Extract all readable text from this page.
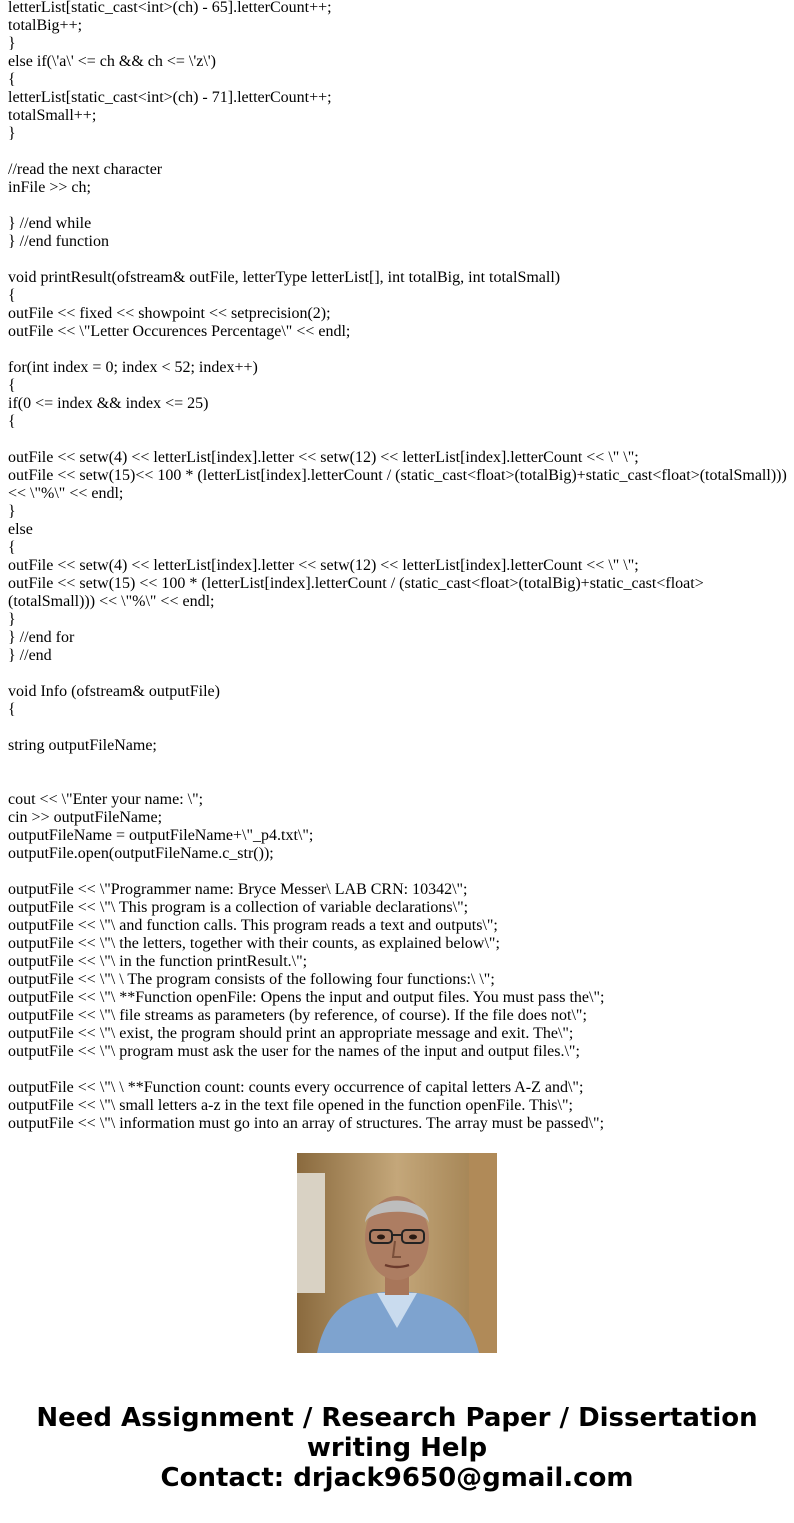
letterList[static_cast<int>(ch) - 65].letterCount++;
totalBig++;
}
else if(\'a\' <= ch && ch <= \'z\')
{
letterList[static_cast<int>(ch) - 71].letterCount++;
totalSmall++;
}
//read the next character
inFile >> ch;
} //end while
} //end function
void printResult(ofstream& outFile, letterType letterList[], int totalBig, int totalSmall)
{
outFile << fixed << showpoint << setprecision(2);
outFile << \"Letter Occurences Percentage\" << endl;
for(int index = 0; index < 52; index++)
{
if(0 <= index && index <= 25)
{
outFile << setw(4) << letterList[index].letter << setw(12) << letterList[index].letterCount << \" \";
outFile << setw(15)<< 100 * (letterList[index].letterCount / (static_cast<float>(totalBig)+static_cast<float>(totalSmall))) << \"%\" << endl;
}
else
{
outFile << setw(4) << letterList[index].letter << setw(12) << letterList[index].letterCount << \" \";
outFile << setw(15) << 100 * (letterList[index].letterCount / (static_cast<float>(totalBig)+static_cast<float>(totalSmall))) << \"%\" << endl;
}
} //end for
} //end
void Info (ofstream& outputFile)
{
string outputFileName;
cout << \"Enter your name: \";
cin >> outputFileName;
outputFileName = outputFileName+\"_p4.txt\";
outputFile.open(outputFileName.c_str());
outputFile << \"Programmer name: Bryce Messer\ LAB CRN: 10342\";
outputFile << \"\ This program is a collection of variable declarations\";
outputFile << \"\ and function calls. This program reads a text and outputs\";
outputFile << \"\ the letters, together with their counts, as explained below\";
outputFile << \"\ in the function printResult.\";
outputFile << \"\ \ The program consists of the following four functions:\ \";
outputFile << \"\ **Function openFile: Opens the input and output files. You must pass the\";
outputFile << \"\ file streams as parameters (by reference, of course). If the file does not\";
outputFile << \"\ exist, the program should print an appropriate message and exit. The\";
outputFile << \"\ program must ask the user for the names of the input and output files.\";
outputFile << \"\ \ **Function count: counts every occurrence of capital letters A-Z and\";
outputFile << \"\ small letters a-z in the text file opened in the function openFile. This\";
outputFile << \"\ information must go into an array of structures. The array must be passed\";
Need Assignment / Research Paper / Dissertation writing Help
Contact: drjack9650@gmail.com
